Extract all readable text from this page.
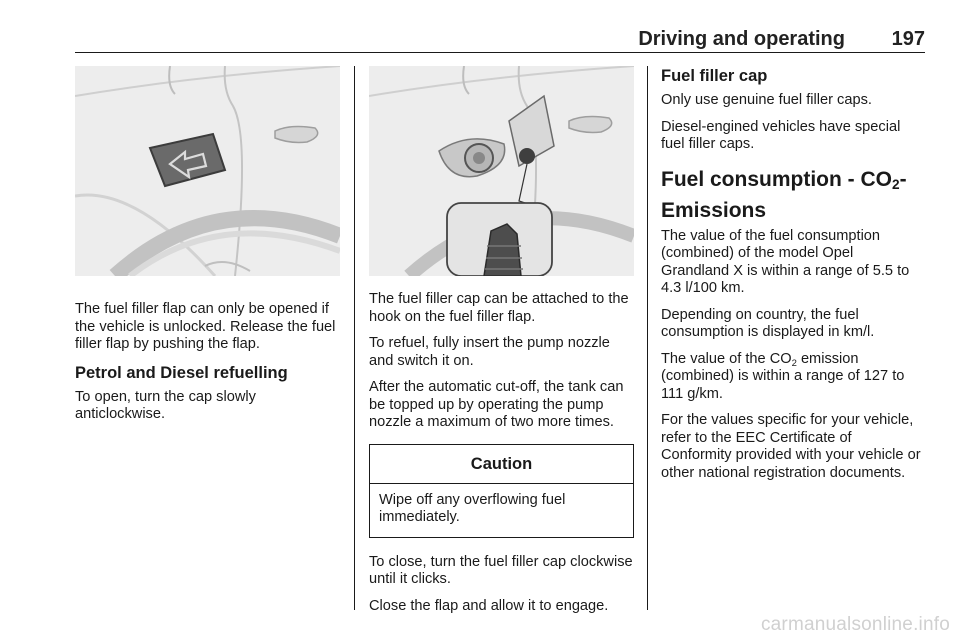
Driving and operating 197

The fuel filler flap can only be opened if the vehicle is unlocked. Release the fuel filler flap by pushing the flap.

Petrol and Diesel refuelling

To open, turn the cap slowly anticlockwise.

The fuel filler cap can be attached to the hook on the fuel filler flap.

To refuel, fully insert the pump nozzle and switch it on.

After the automatic cut-off, the tank can be topped up by operating the pump nozzle a maximum of two more times.

Caution
Wipe off any overflowing fuel immediately.

To close, turn the fuel filler cap clockwise until it clicks.

Close the flap and allow it to engage.

Fuel filler cap

Only use genuine fuel filler caps.

Diesel-engined vehicles have special fuel filler caps.

Fuel consumption - $CO_2$-Emissions

The value of the fuel consumption (combined) of the model Opel Grandland X is within a range of 5.5 to 4.3 l/100 km.

Depending on country, the fuel consumption is displayed in km/l.

The value of the $CO_2$ emission (combined) is within a range of 127 to 111 g/km.

For the values specific for your vehicle, refer to the EEC Certificate of Conformity provided with your vehicle or other national registration documents.

carmanualsonline.info
